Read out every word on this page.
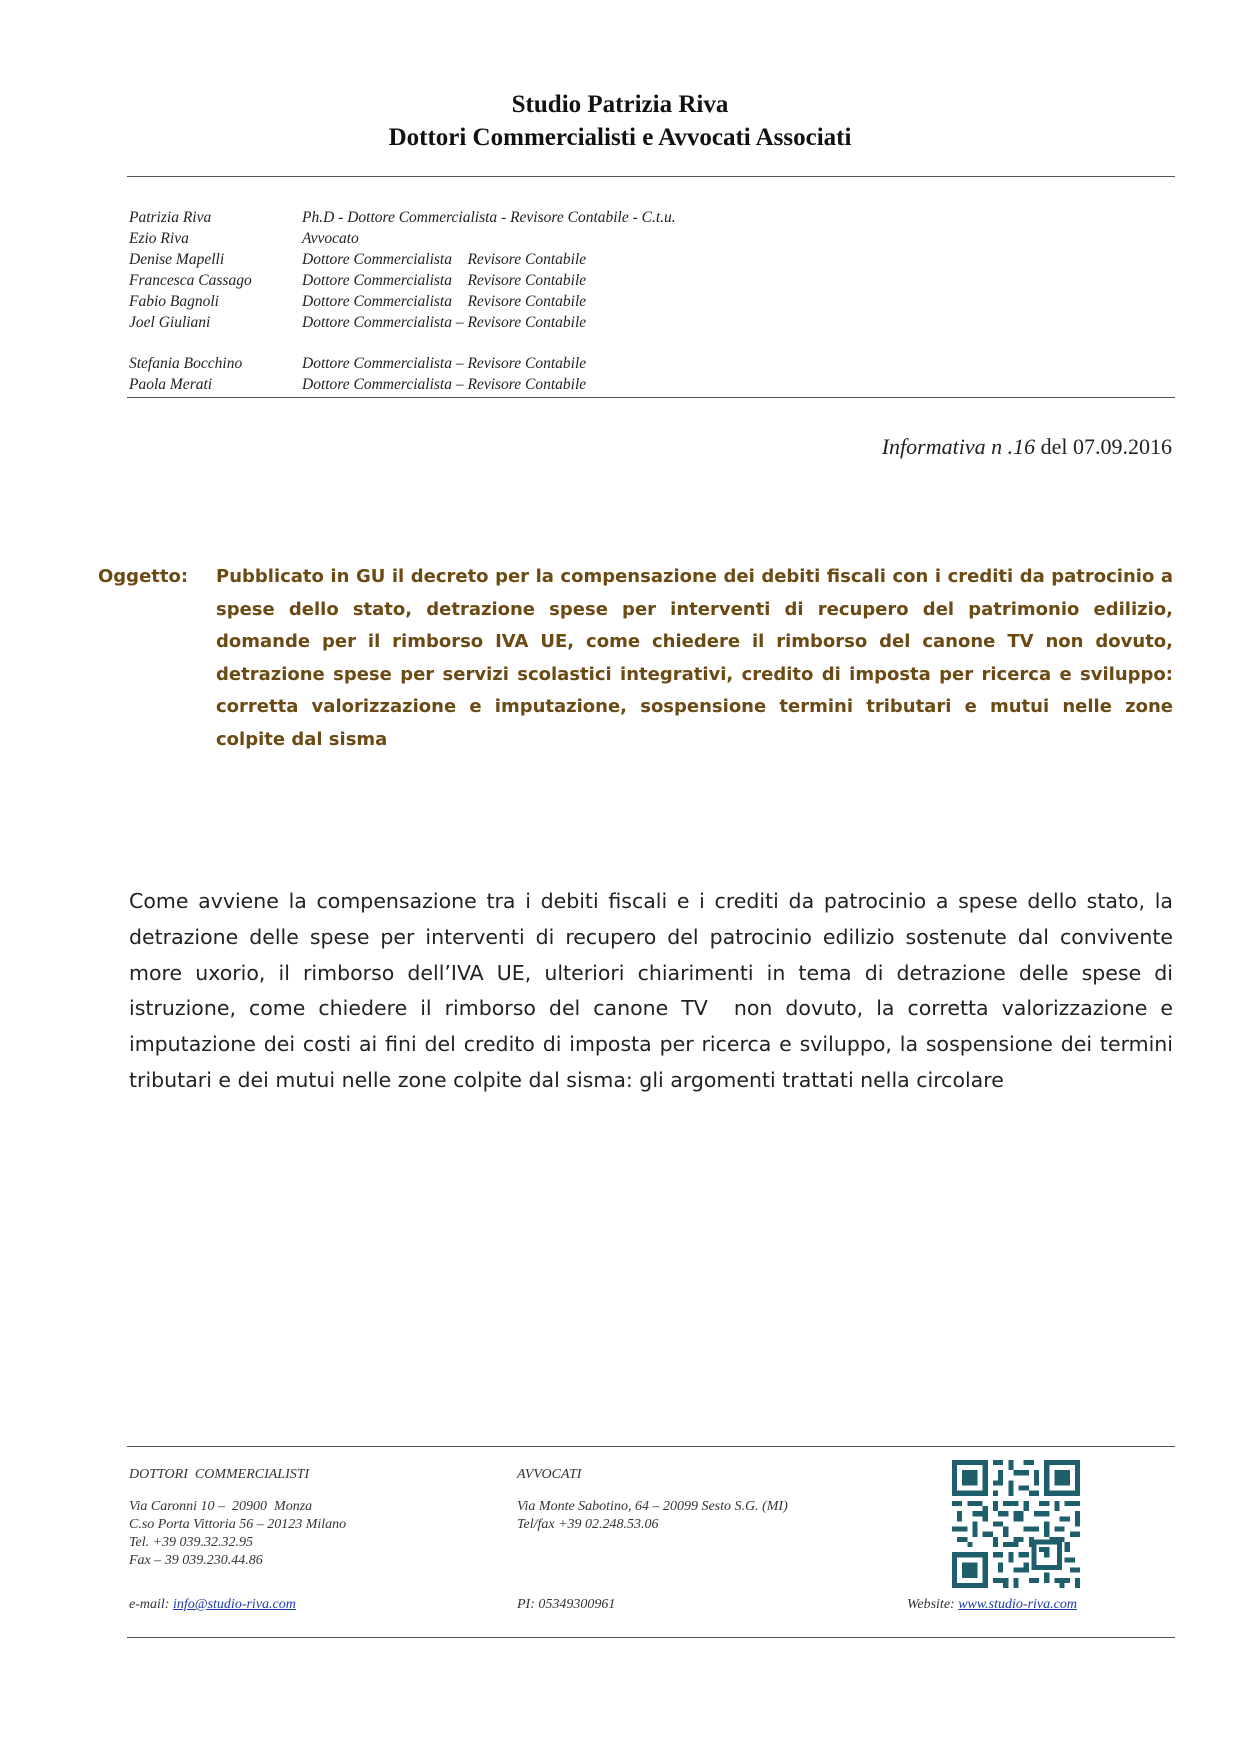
Studio Patrizia Riva
Dottori Commercialisti e Avvocati Associati
Patrizia Riva	Ph.D - Dottore Commercialista - Revisore Contabile - C.t.u.
Ezio Riva	Avvocato
Denise Mapelli	Dottore Commercialista    Revisore Contabile
Francesca Cassago	Dottore Commercialista    Revisore Contabile
Fabio Bagnoli	Dottore Commercialista    Revisore Contabile
Joel Giuliani	Dottore Commercialista – Revisore Contabile
Stefania Bocchino	Dottore Commercialista – Revisore Contabile
Paola Merati	Dottore Commercialista – Revisore Contabile
Informativa n .16 del 07.09.2016
Oggetto:	Pubblicato in GU il decreto per la compensazione dei debiti fiscali con i crediti da patrocinio a spese dello stato, detrazione spese per interventi di recupero del patrimonio edilizio, domande per il rimborso IVA UE, come chiedere il rimborso del canone TV non dovuto, detrazione spese per servizi scolastici integrativi, credito di imposta per ricerca e sviluppo: corretta valorizzazione e imputazione, sospensione termini tributari e mutui nelle zone colpite dal sisma
Come avviene la compensazione tra i debiti fiscali e i crediti da patrocinio a spese dello stato, la detrazione delle spese per interventi di recupero del patrocinio edilizio sostenute dal convivente more uxorio, il rimborso dell’IVA UE, ulteriori chiarimenti in tema di detrazione delle spese di istruzione, come chiedere il rimborso del canone TV  non dovuto, la corretta valorizzazione e imputazione dei costi ai fini del credito di imposta per ricerca e sviluppo, la sospensione dei termini tributari e dei mutui nelle zone colpite dal sisma: gli argomenti trattati nella circolare
DOTTORI  COMMERCIALISTI
Via Caronni 10 –  20900  Monza
C.so Porta Vittoria 56 – 20123 Milano
Tel. +39 039.32.32.95
Fax – 39 039.230.44.86
AVVOCATI
Via Monte Sabotino, 64 – 20099 Sesto S.G. (MI)
Tel/fax +39 02.248.53.06
e-mail: info@studio-riva.com	PI: 05349300961	Website: www.studio-riva.com
